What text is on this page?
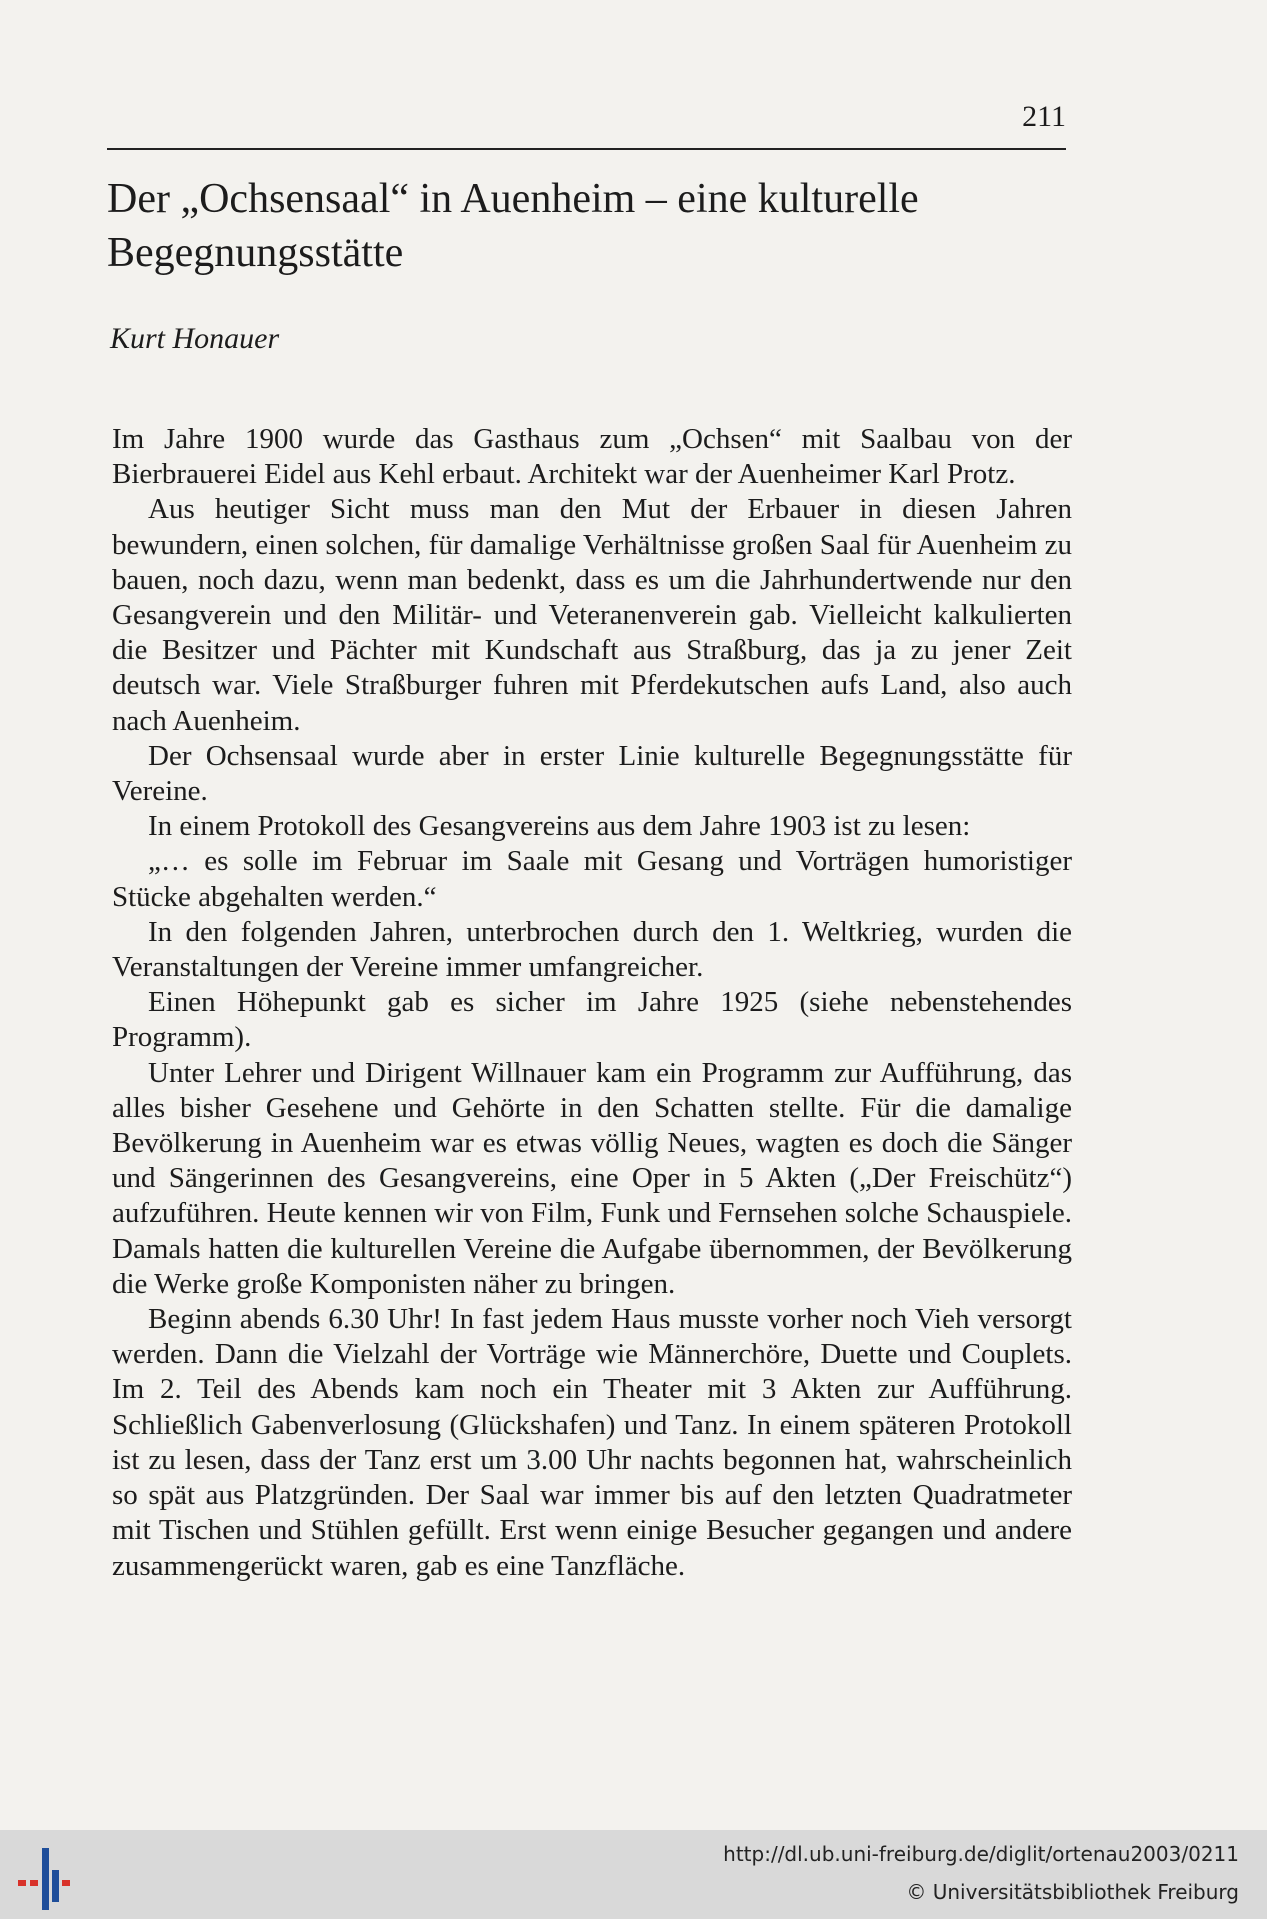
211
Der „Ochsensaal“ in Auenheim – eine kulturelle Begegnungsstätte
Kurt Honauer

Im Jahre 1900 wurde das Gasthaus zum „Ochsen“ mit Saalbau von der Bierbrauerei Eidel aus Kehl erbaut. Architekt war der Auenheimer Karl Protz.

Aus heutiger Sicht muss man den Mut der Erbauer in diesen Jahren bewundern, einen solchen, für damalige Verhältnisse großen Saal für Auenheim zu bauen, noch dazu, wenn man bedenkt, dass es um die Jahrhundertwende nur den Gesangverein und den Militär- und Veteranenverein gab. Vielleicht kalkulierten die Besitzer und Pächter mit Kundschaft aus Straßburg, das ja zu jener Zeit deutsch war. Viele Straßburger fuhren mit Pferdekutschen aufs Land, also auch nach Auenheim.

Der Ochsensaal wurde aber in erster Linie kulturelle Begegnungsstätte für Vereine.

In einem Protokoll des Gesangvereins aus dem Jahre 1903 ist zu lesen:

„… es solle im Februar im Saale mit Gesang und Vorträgen humoristiger Stücke abgehalten werden.“

In den folgenden Jahren, unterbrochen durch den 1. Weltkrieg, wurden die Veranstaltungen der Vereine immer umfangreicher.

Einen Höhepunkt gab es sicher im Jahre 1925 (siehe nebenstehendes Programm).

Unter Lehrer und Dirigent Willnauer kam ein Programm zur Aufführung, das alles bisher Gesehene und Gehörte in den Schatten stellte. Für die damalige Bevölkerung in Auenheim war es etwas völlig Neues, wagten es doch die Sänger und Sängerinnen des Gesangvereins, eine Oper in 5 Akten („Der Freischütz“) aufzuführen. Heute kennen wir von Film, Funk und Fernsehen solche Schauspiele. Damals hatten die kulturellen Vereine die Aufgabe übernommen, der Bevölkerung die Werke große Komponisten näher zu bringen.

Beginn abends 6.30 Uhr! In fast jedem Haus musste vorher noch Vieh versorgt werden. Dann die Vielzahl der Vorträge wie Männerchöre, Duette und Couplets. Im 2. Teil des Abends kam noch ein Theater mit 3 Akten zur Aufführung. Schließlich Gabenverlosung (Glückshafen) und Tanz. In einem späteren Protokoll ist zu lesen, dass der Tanz erst um 3.00 Uhr nachts begonnen hat, wahrscheinlich so spät aus Platzgründen. Der Saal war immer bis auf den letzten Quadratmeter mit Tischen und Stühlen gefüllt. Erst wenn einige Besucher gegangen und andere zusammengerückt waren, gab es eine Tanzfläche.

http://dl.ub.uni-freiburg.de/diglit/ortenau2003/0211
© Universitätsbibliothek Freiburg
